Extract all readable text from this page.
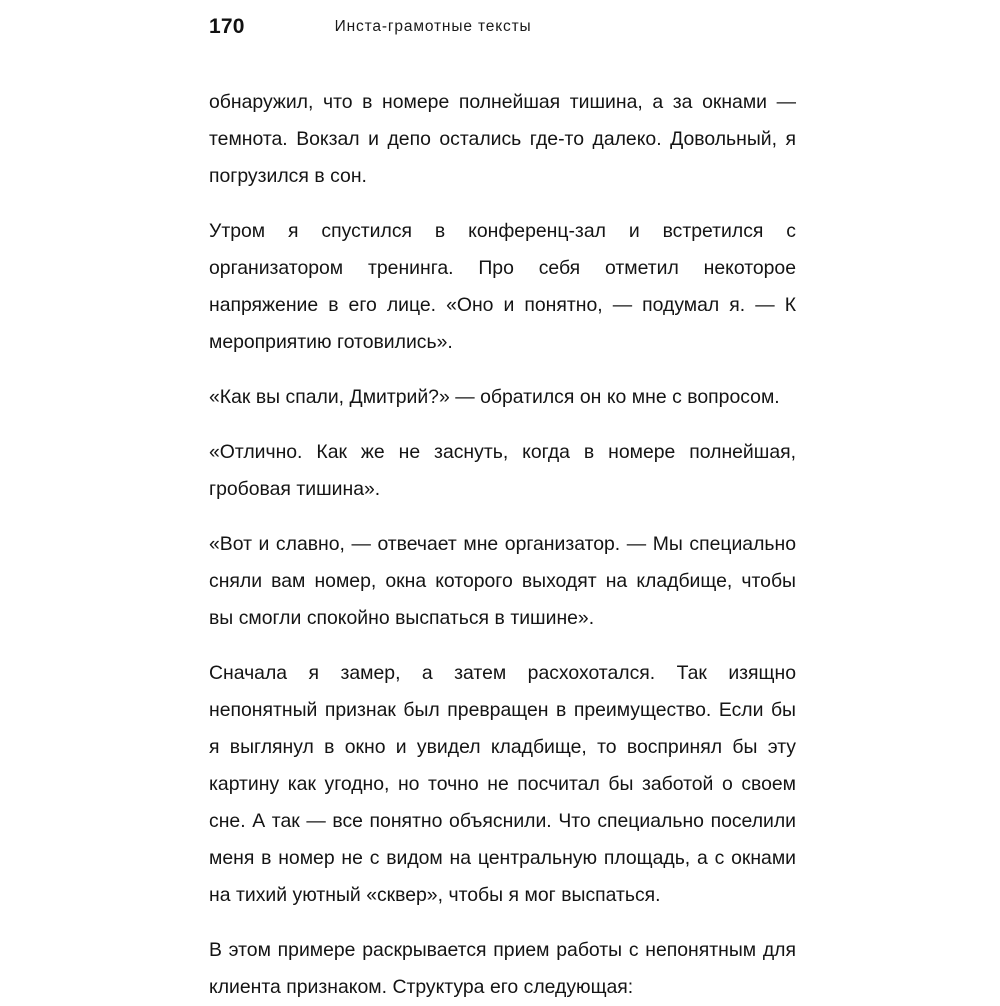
170	Инста-грамотные тексты

обнаружил, что в номере полнейшая тишина, а за окнами — темнота. Вокзал и депо остались где-то далеко. Довольный, я погрузился в сон.

Утром я спустился в конференц-зал и встретился с организатором тренинга. Про себя отметил некоторое напряжение в его лице. «Оно и понятно, — подумал я. — К мероприятию готовились».

«Как вы спали, Дмитрий?» — обратился он ко мне с вопросом.

«Отлично. Как же не заснуть, когда в номере полнейшая, гробовая тишина».

«Вот и славно, — отвечает мне организатор. — Мы специально сняли вам номер, окна которого выходят на кладбище, чтобы вы смогли спокойно выспаться в тишине».

Сначала я замер, а затем расхохотался. Так изящно непонятный признак был превращен в преимущество. Если бы я выглянул в окно и увидел кладбище, то воспринял бы эту картину как угодно, но точно не посчитал бы заботой о своем сне. А так — все понятно объяснили. Что специально поселили меня в номер не с видом на центральную площадь, а с окнами на тихий уютный «сквер», чтобы я мог выспаться.

В этом примере раскрывается прием работы с непонятным для клиента признаком. Структура его следующая:
